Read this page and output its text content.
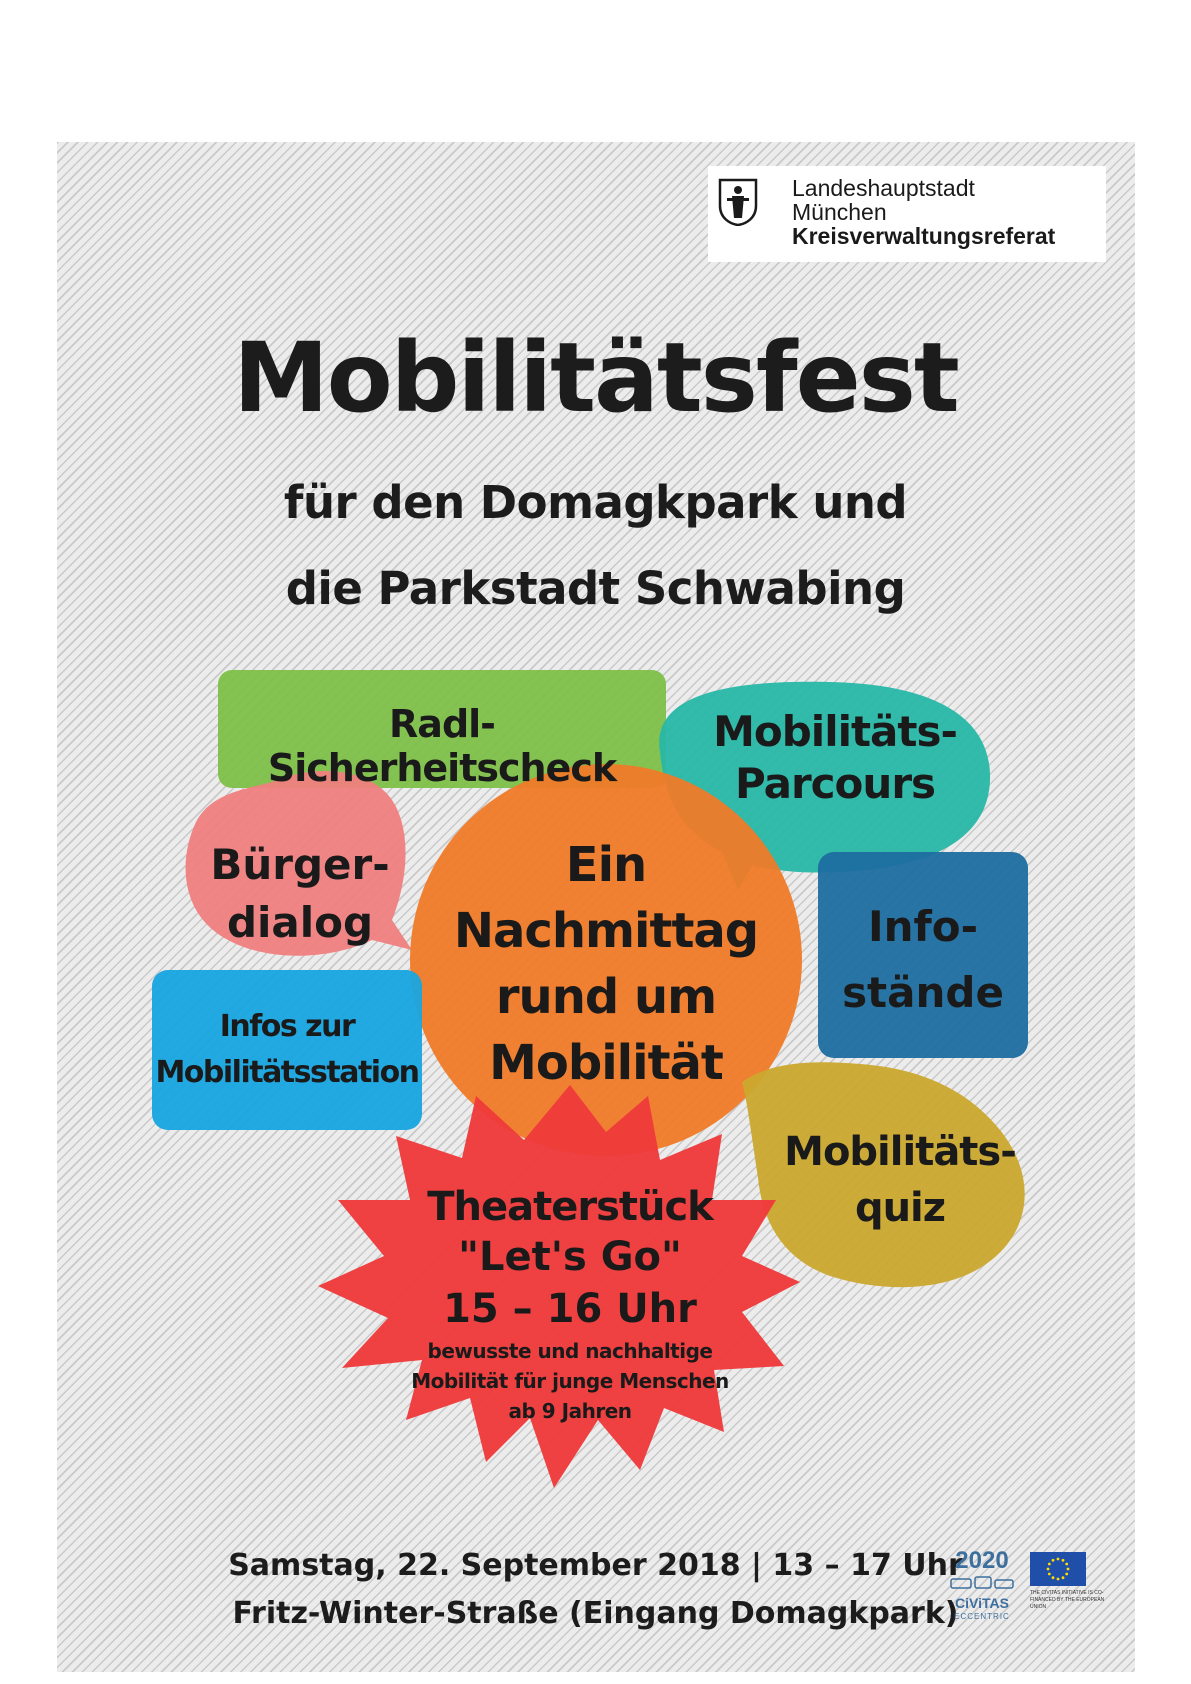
Landeshauptstadt
München
Kreisverwaltungsreferat
Mobilitätsfest
für den Domagkpark und
die Parkstadt Schwabing
Radl-Sicherheitscheck
Mobilitäts-
Parcours
Bürger-
dialog
Ein
Nachmittag
rund um
Mobilität
Info-
stände
Infos zur
Mobilitätsstation
Mobilitäts-
quiz
Theaterstück
"Let's Go"
15 – 16 Uhr
bewusste und nachhaltige
Mobilität für junge Menschen
ab 9 Jahren
Samstag, 22. September 2018 | 13 – 17 Uhr
Fritz-Winter-Straße (Eingang Domagkpark)
2020
CiViTAS
ECCENTRIC
THE CIVITAS INITIATIVE IS CO-FINANCED BY THE EUROPEAN UNION
